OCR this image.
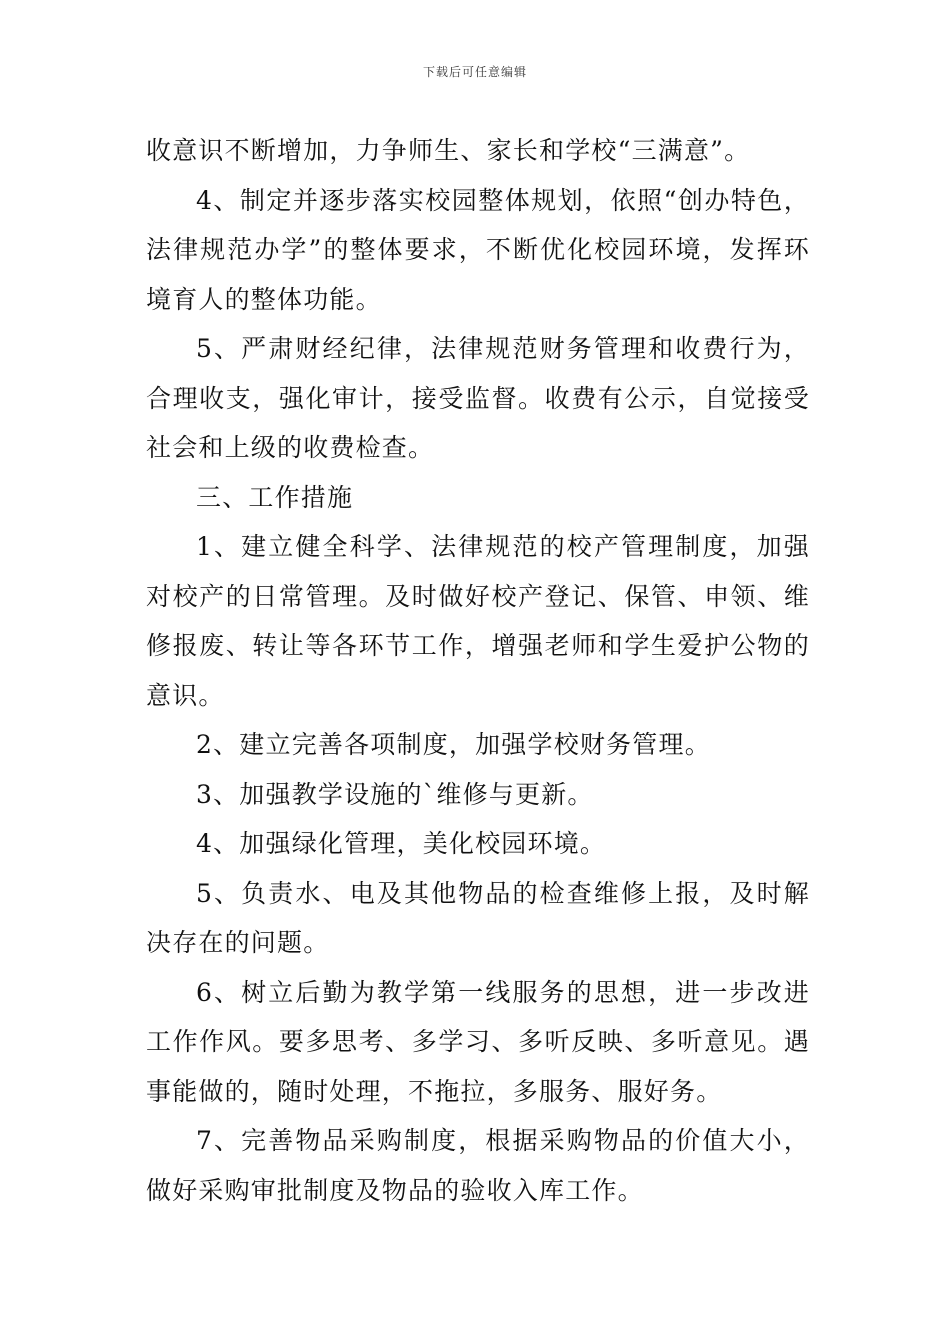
下载后可任意编辑

收意识不断增加，力争师生、家长和学校“三满意”。

4、制定并逐步落实校园整体规划，依照“创办特色，法律规范办学”的整体要求，不断优化校园环境，发挥环境育人的整体功能。

5、严肃财经纪律，法律规范财务管理和收费行为，合理收支，强化审计，接受监督。收费有公示，自觉接受社会和上级的收费检查。

三、工作措施

1、建立健全科学、法律规范的校产管理制度，加强对校产的日常管理。及时做好校产登记、保管、申领、维修报废、转让等各环节工作，增强老师和学生爱护公物的意识。

2、建立完善各项制度，加强学校财务管理。

3、加强教学设施的`维修与更新。

4、加强绿化管理，美化校园环境。

5、负责水、电及其他物品的检查维修上报，及时解决存在的问题。

6、树立后勤为教学第一线服务的思想，进一步改进工作作风。要多思考、多学习、多听反映、多听意见。遇事能做的，随时处理，不拖拉，多服务、服好务。

7、完善物品采购制度，根据采购物品的价值大小，做好采购审批制度及物品的验收入库工作。
